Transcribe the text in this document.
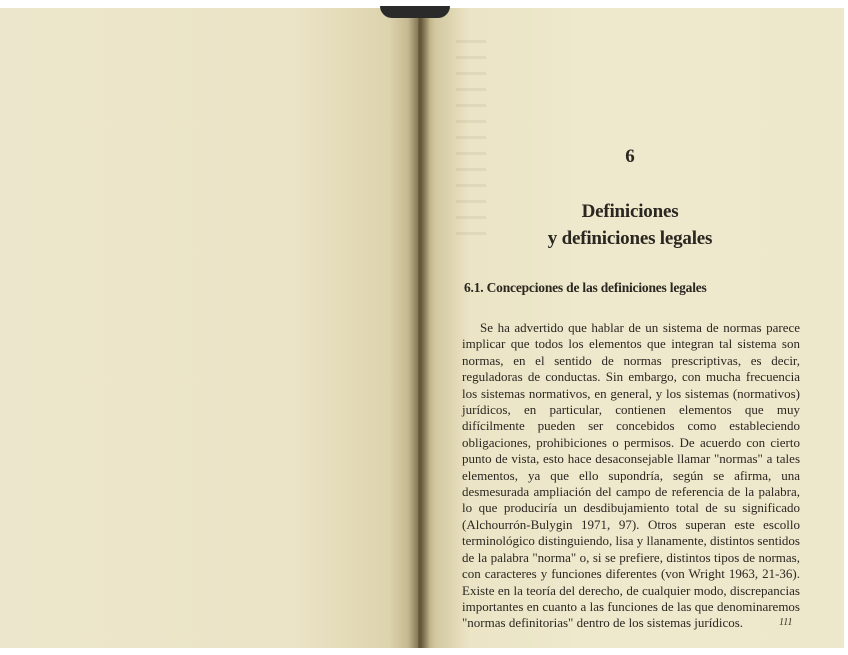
6
Definiciones
y definiciones legales
6.1. Concepciones de las definiciones legales

Se ha advertido que hablar de un sistema de normas parece implicar que todos los elementos que integran tal sistema son normas, en el sentido de normas prescriptivas, es decir, reguladoras de conductas. Sin embargo, con mucha frecuencia los sistemas normativos, en general, y los sistemas (normativos) jurídicos, en particular, contienen elementos que muy difícilmente pueden ser concebidos como estableciendo obligaciones, prohibiciones o permisos. De acuerdo con cierto punto de vista, esto hace desaconsejable llamar "normas" a tales elementos, ya que ello supondría, según se afirma, una desmesurada ampliación del campo de referencia de la palabra, lo que produciría un desdibujamiento total de su significado (Alchourrón-Bulygin 1971, 97). Otros superan este escollo terminológico distinguiendo, lisa y llanamente, distintos sentidos de la palabra "norma" o, si se prefiere, distintos tipos de normas, con caracteres y funciones diferentes (von Wright 1963, 21-36). Existe en la teoría del derecho, de cualquier modo, discrepancias importantes en cuanto a las funciones de las que denominaremos "normas definitorias" dentro de los sistemas jurídicos.	111
